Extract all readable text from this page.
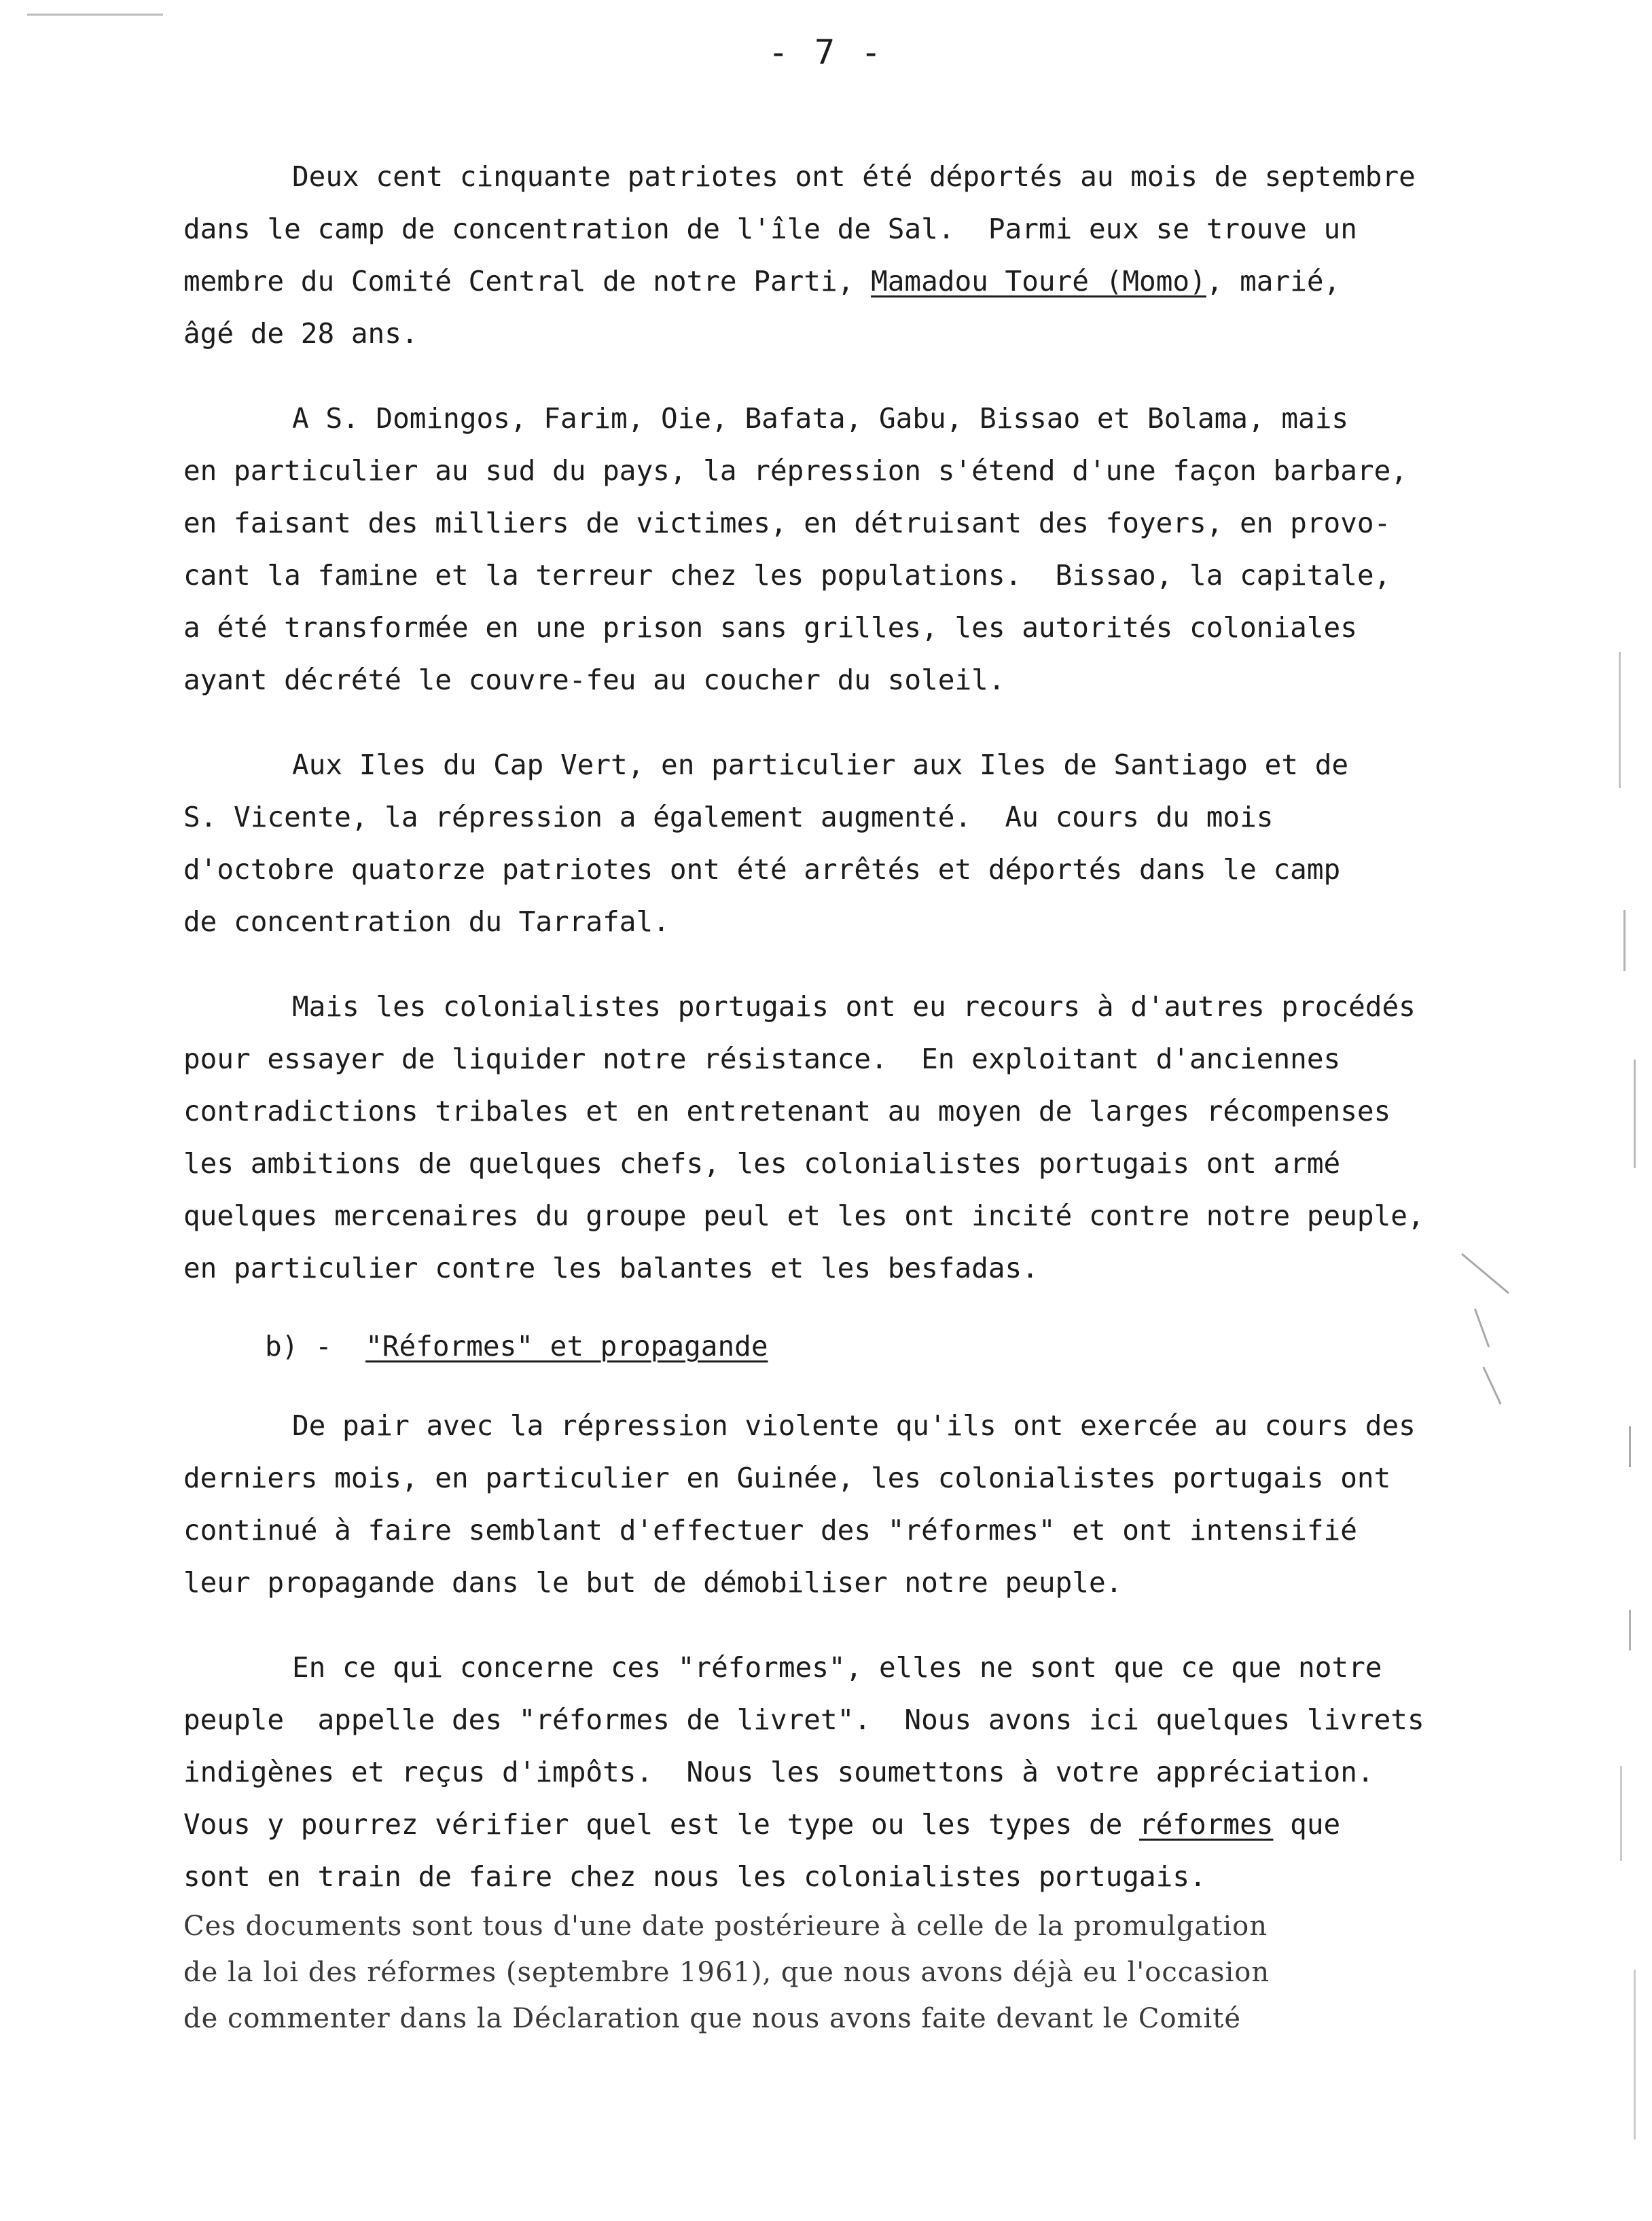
- 7 -
Deux cent cinquante patriotes ont été déportés au mois de septembre
dans le camp de concentration de l'île de Sal.  Parmi eux se trouve un
membre du Comité Central de notre Parti, Mamadou Touré (Momo), marié,
âgé de 28 ans.
A S. Domingos, Farim, Oie, Bafata, Gabu, Bissao et Bolama, mais
en particulier au sud du pays, la répression s'étend d'une façon barbare,
en faisant des milliers de victimes, en détruisant des foyers, en provo-
cant la famine et la terreur chez les populations.  Bissao, la capitale,
a été transformée en une prison sans grilles, les autorités coloniales
ayant décrété le couvre-feu au coucher du soleil.
Aux Iles du Cap Vert, en particulier aux Iles de Santiago et de
S. Vicente, la répression a également augmenté.  Au cours du mois
d'octobre quatorze patriotes ont été arrêtés et déportés dans le camp
de concentration du Tarrafal.
Mais les colonialistes portugais ont eu recours à d'autres procédés
pour essayer de liquider notre résistance.  En exploitant d'anciennes
contradictions tribales et en entretenant au moyen de larges récompenses
les ambitions de quelques chefs, les colonialistes portugais ont armé
quelques mercenaires du groupe peul et les ont incité contre notre peuple,
en particulier contre les balantes et les besfadas.
b) -  "Réformes" et propagande
De pair avec la répression violente qu'ils ont exercée au cours des
derniers mois, en particulier en Guinée, les colonialistes portugais ont
continué à faire semblant d'effectuer des "réformes" et ont intensifié
leur propagande dans le but de démobiliser notre peuple.
En ce qui concerne ces "réformes", elles ne sont que ce que notre
peuple  appelle des "réformes de livret".  Nous avons ici quelques livrets
indigènes et reçus d'impôts.  Nous les soumettons à votre appréciation.
Vous y pourrez vérifier quel est le type ou les types de réformes que
sont en train de faire chez nous les colonialistes portugais.
Ces documents sont tous d'une date postérieure à celle de la promulgation
de la loi des réformes (septembre 1961), que nous avons déjà eu l'occasion
de commenter dans la Déclaration que nous avons faite devant le Comité
